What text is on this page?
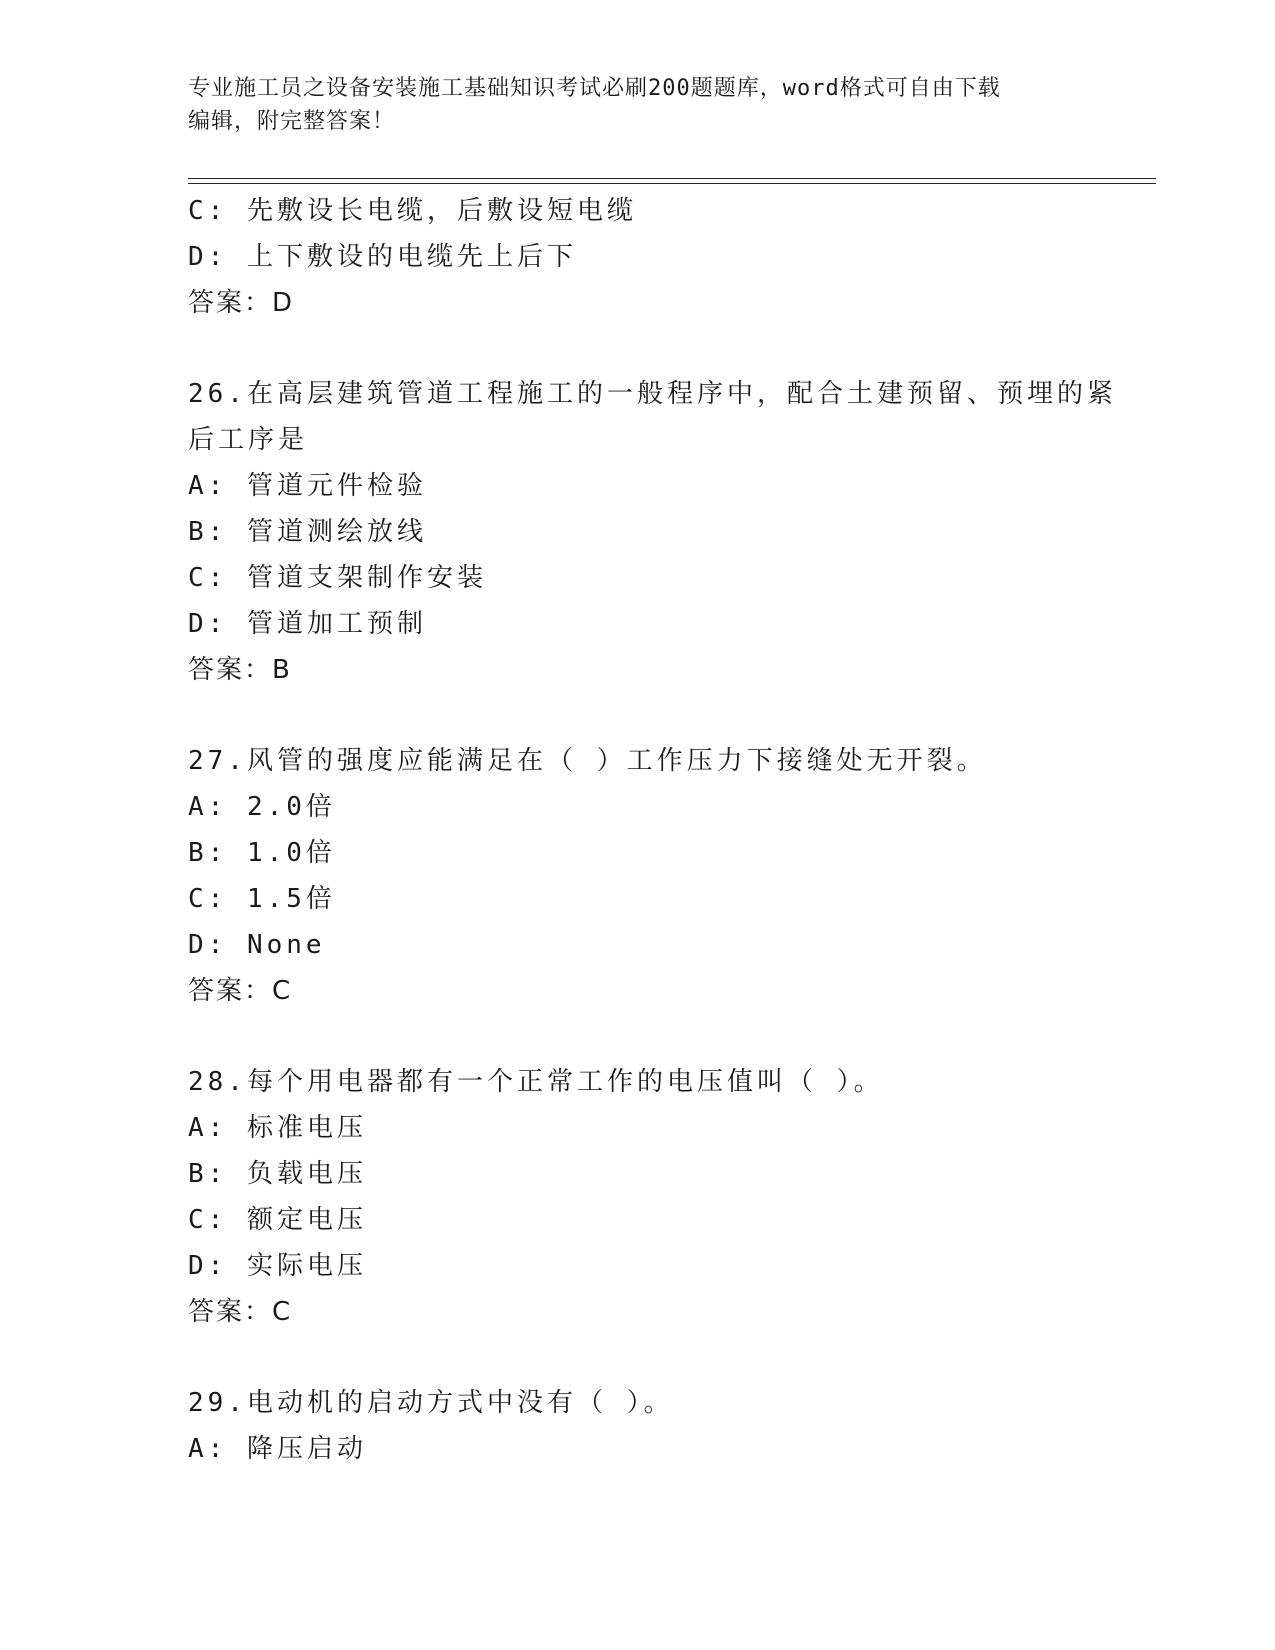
专业施工员之设备安装施工基础知识考试必刷200题题库，word格式可自由下载
编辑，附完整答案！
C: 先敷设长电缆，后敷设短电缆
D: 上下敷设的电缆先上后下
答案：D
26.在高层建筑管道工程施工的一般程序中，配合土建预留、预埋的紧
后工序是
A: 管道元件检验
B: 管道测绘放线
C: 管道支架制作安装
D: 管道加工预制
答案：B
27.风管的强度应能满足在（ ）工作压力下接缝处无开裂。
A: 2.0倍
B: 1.0倍
C: 1.5倍
D: None
答案：C
28.每个用电器都有一个正常工作的电压值叫（ ）。
A: 标准电压
B: 负载电压
C: 额定电压
D: 实际电压
答案：C
29.电动机的启动方式中没有（ ）。
A: 降压启动
